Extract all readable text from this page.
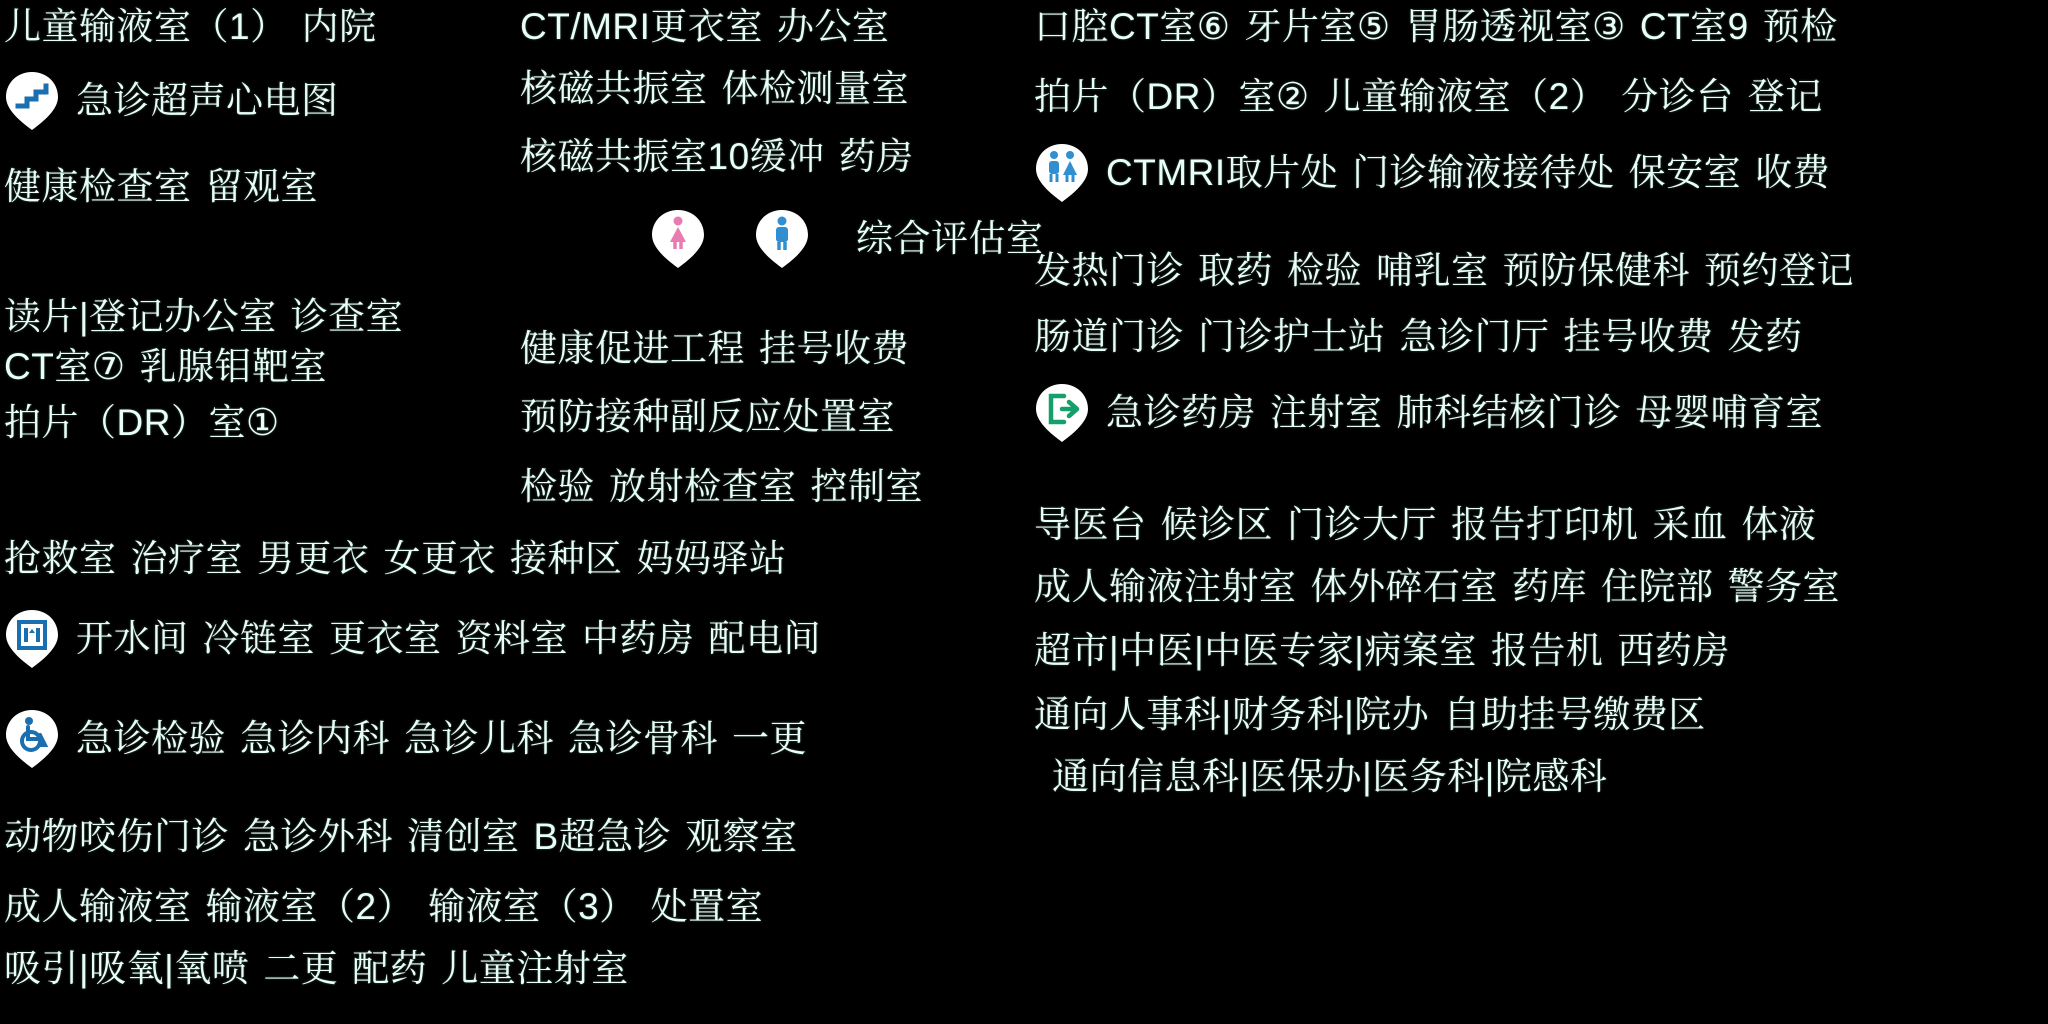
儿童输液室（1） 内院
急诊超声心电图
健康检查室 留观室
读片|登记办公室 诊查室
CT室⑦ 乳腺钼靶室
拍片（DR）室①
抢救室 治疗室 男更衣 女更衣 接种区 妈妈驿站
开水间 冷链室 更衣室 资料室 中药房 配电间
急诊检验 急诊内科 急诊儿科 急诊骨科 一更
动物咬伤门诊 急诊外科 清创室 B超急诊 观察室
成人输液室 输液室（2） 输液室（3） 处置室
吸引|吸氧|氧喷 二更 配药 儿童注射室
CT/MRI更衣室 办公室
核磁共振室 体检测量室
核磁共振室10缓冲 药房
综合评估室
健康促进工程 挂号收费
预防接种副反应处置室
检验 放射检查室 控制室
口腔CT室⑥ 牙片室⑤ 胃肠透视室③ CT室9 预检
拍片（DR）室② 儿童输液室（2） 分诊台 登记
CTMRI取片处 门诊输液接待处 保安室 收费
发热门诊 取药 检验 哺乳室 预防保健科 预约登记
肠道门诊 门诊护士站 急诊门厅 挂号收费 发药
急诊药房 注射室 肺科结核门诊 母婴哺育室
导医台 候诊区 门诊大厅 报告打印机 采血 体液
成人输液注射室 体外碎石室 药库 住院部 警务室
超市|中医|中医专家|病案室 报告机 西药房
通向人事科|财务科|院办 自助挂号缴费区
通向信息科|医保办|医务科|院感科
